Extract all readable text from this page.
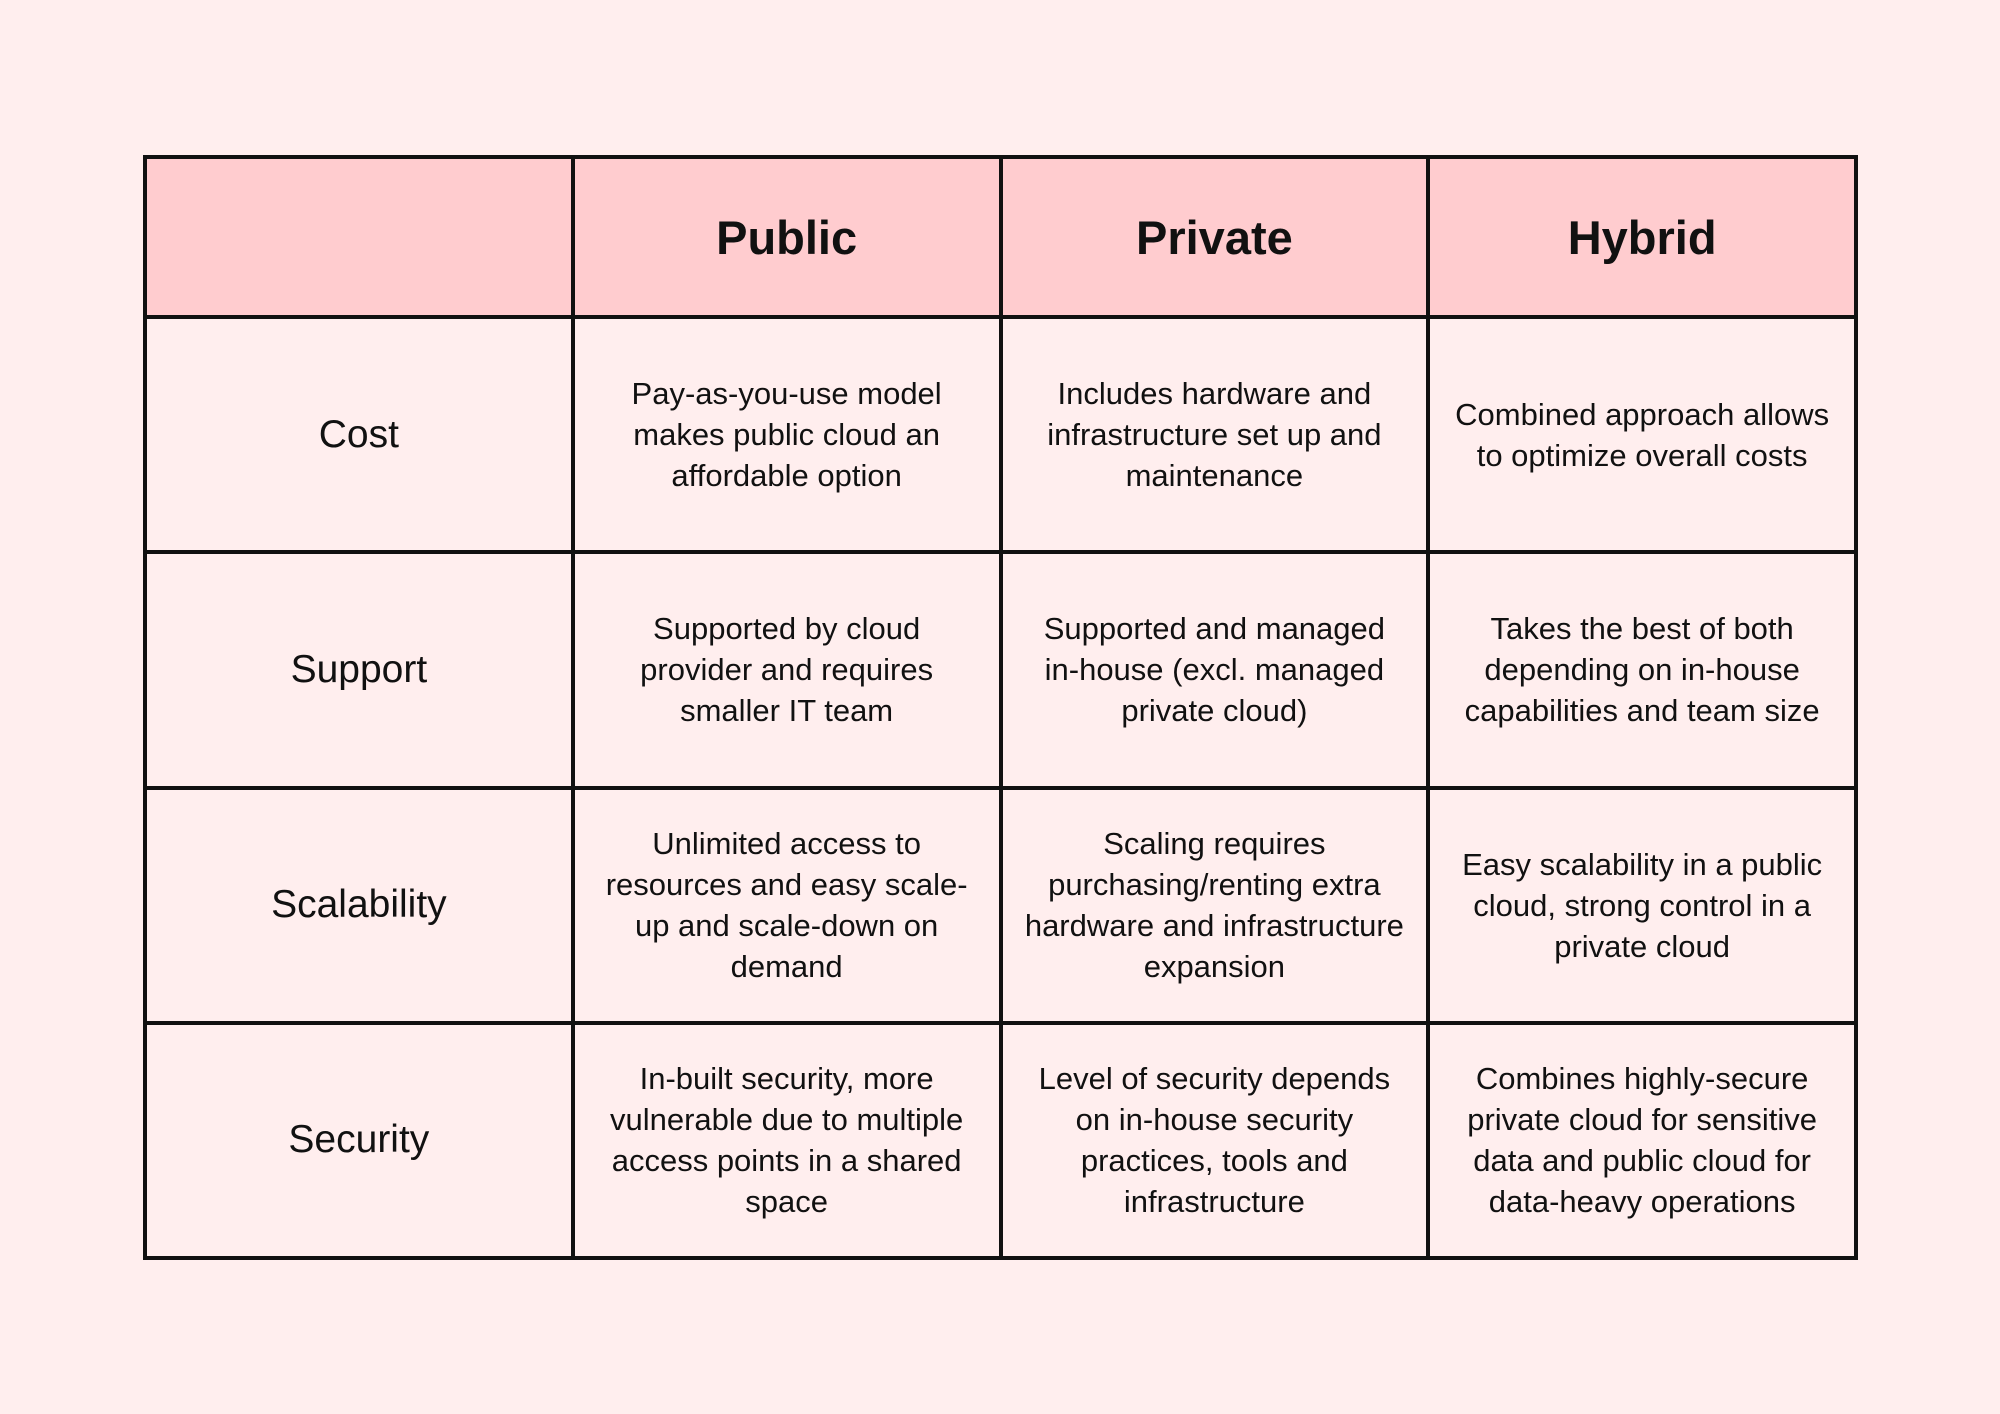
	Public	Private	Hybrid
Cost	Pay-as-you-use model makes public cloud an affordable option	Includes hardware and infrastructure set up and maintenance	Combined approach allows to optimize overall costs
Support	Supported by cloud provider and requires smaller IT team	Supported and managed in-house (excl. managed private cloud)	Takes the best of both depending on in-house capabilities and team size
Scalability	Unlimited access to resources and easy scale-up and scale-down on demand	Scaling requires purchasing/renting extra hardware and infrastructure expansion	Easy scalability in a public cloud, strong control in a private cloud
Security	In-built security, more vulnerable due to multiple access points in a shared space	Level of security depends on in-house security practices, tools and infrastructure	Combines highly-secure private cloud for sensitive data and public cloud for data-heavy operations
